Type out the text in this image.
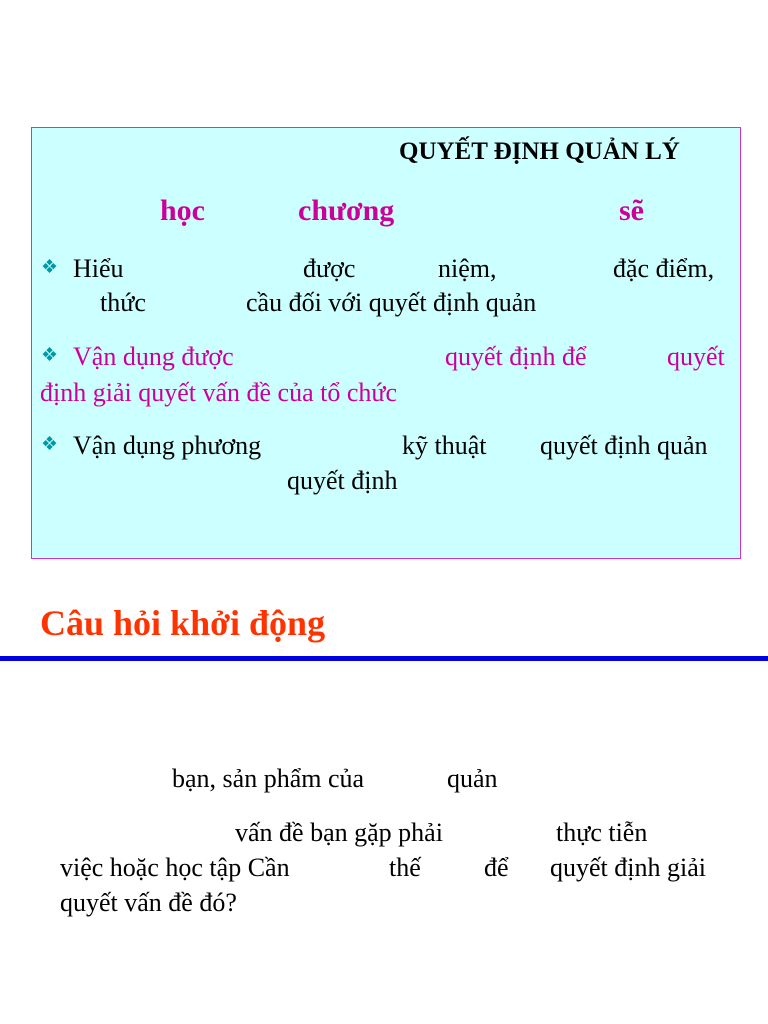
QUYẾT ĐỊNH QUẢN LÝ
học	chương	sẽ
❖ Hiểu	được	niệm,	đặc điểm,
thức	cầu đối với quyết định quản
❖ Vận dụng được	quyết định để	quyết
định giải quyết vấn đề của tổ chức
❖ Vận dụng phương	kỹ thuật quyết định quản
quyết định
Câu hỏi khởi động
bạn, sản phẩm của	quản
vấn đề bạn gặp phải	thực tiễn
việc hoặc học tập Cần	thế để quyết định giải
quyết vấn đề đó?
